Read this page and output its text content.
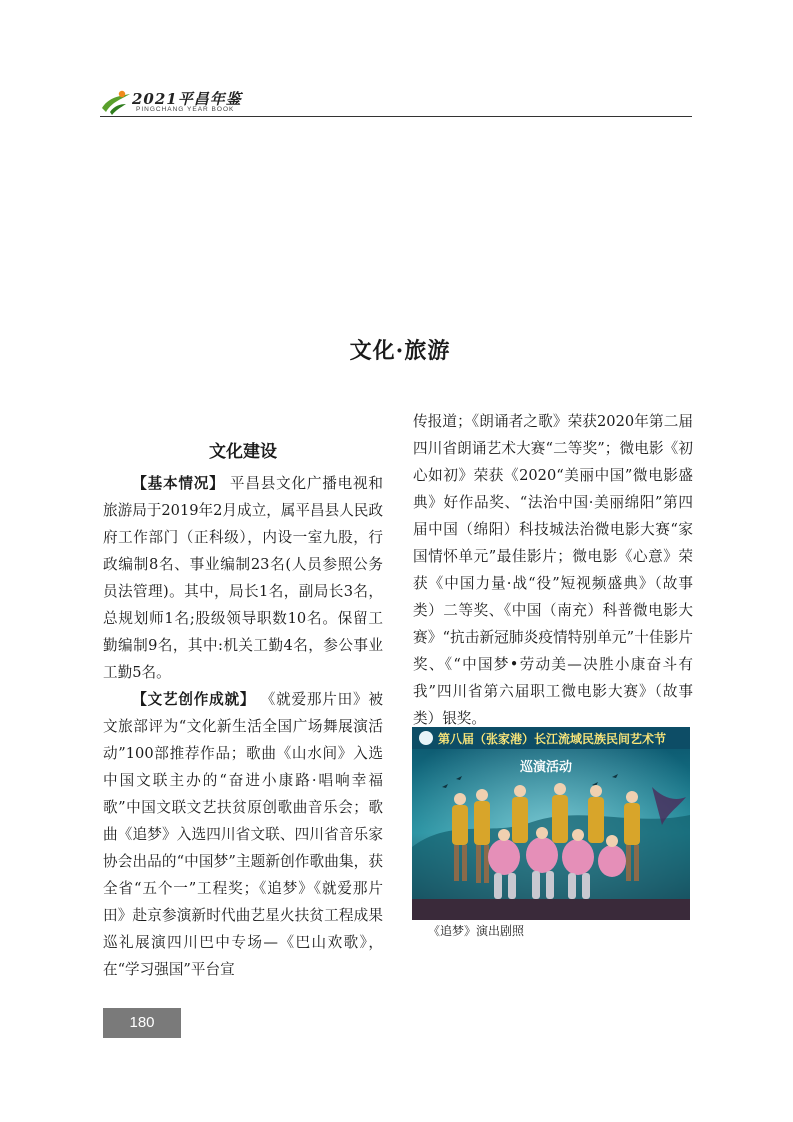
2021平昌年鉴
PINGCHANG YEAR BOOK
文化·旅游
文化建设

【基本情况】 平昌县文化广播电视和旅游局于2019年2月成立，属平昌县人民政府工作部门（正科级），内设一室九股，行政编制8名、事业编制23名(人员参照公务员法管理)。其中，局长1名，副局长3名，总规划师1名;股级领导职数10名。保留工勤编制9名，其中:机关工勤4名，参公事业工勤5名。

【文艺创作成就】 《就爱那片田》被文旅部评为“文化新生活全国广场舞展演活动”100部推荐作品；歌曲《山水间》入选中国文联主办的“奋进小康路·唱响幸福歌”中国文联文艺扶贫原创歌曲音乐会；歌曲《追梦》入选四川省文联、四川省音乐家协会出品的“中国梦”主题新创作歌曲集，获全省“五个一”工程奖；《追梦》《就爱那片田》赴京参演新时代曲艺星火扶贫工程成果巡礼展演四川巴中专场—《巴山欢歌》，在“学习强国”平台宣

传报道；《朗诵者之歌》荣获2020年第二届四川省朗诵艺术大赛“二等奖”；微电影《初心如初》荣获《2020“美丽中国”微电影盛典》好作品奖、“法治中国·美丽绵阳”第四届中国（绵阳）科技城法治微电影大赛“家国情怀单元”最佳影片；微电影《心意》荣获《中国力量·战“役”短视频盛典》（故事类）二等奖、《中国（南充）科普微电影大赛》“抗击新冠肺炎疫情特别单元”十佳影片奖、《“中国梦•劳动美—决胜小康奋斗有我”四川省第六届职工微电影大赛》（故事类）银奖。

第八届（张家港）长江流域民族民间艺术节
巡演活动
《追梦》演出剧照
180
